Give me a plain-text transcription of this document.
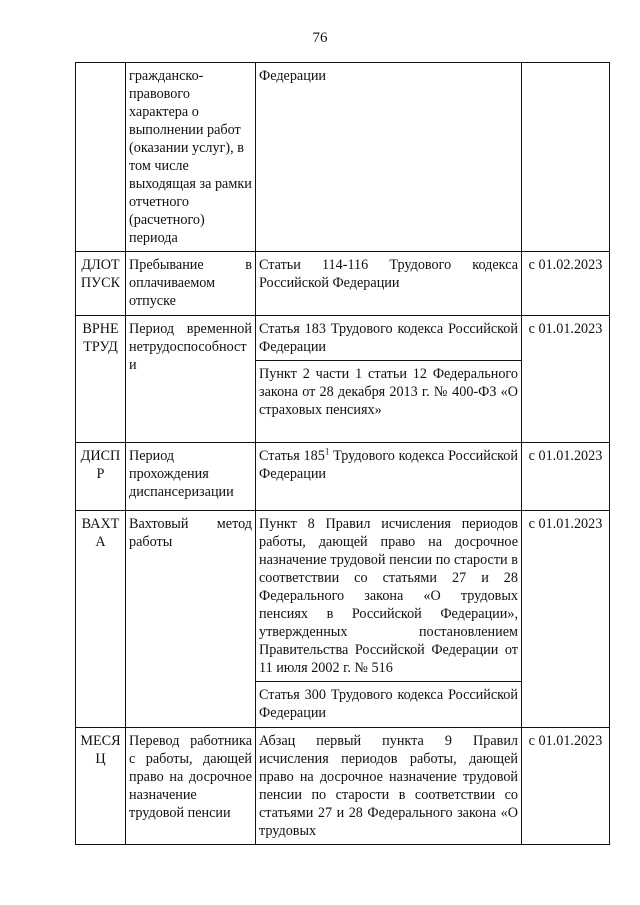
76
	гражданско-правового характера о выполнении работ (оказании услуг), в том числе выходящая за рамки отчетного (расчетного) периода	Федерации	
ДЛОТПУСК	Пребывание в оплачиваемом отпуске	Статьи 114-116 Трудового кодекса Российской Федерации	с 01.02.2023
ВРНЕТРУД	Период временной нетрудоспособности	Статья 183 Трудового кодекса Российской Федерации	с 01.01.2023
		Пункт 2 части 1 статьи 12 Федерального закона от 28 декабря 2013 г. № 400-ФЗ «О страховых пенсиях»	
ДИСПР	Период прохождения диспансеризации	Статья $185^1$ Трудового кодекса Российской Федерации	с 01.01.2023
ВАХТА	Вахтовый метод работы	Пункт 8 Правил исчисления периодов работы, дающей право на досрочное назначение трудовой пенсии по старости в соответствии со статьями 27 и 28 Федерального закона «О трудовых пенсиях в Российской Федерации», утвержденных постановлением Правительства Российской Федерации от 11 июля 2002 г. № 516	с 01.01.2023
		Статья 300 Трудового кодекса Российской Федерации	
МЕСЯЦ	Перевод работника с работы, дающей право на досрочное назначение трудовой пенсии	Абзац первый пункта 9 Правил исчисления периодов работы, дающей право на досрочное назначение трудовой пенсии по старости в соответствии со статьями 27 и 28 Федерального закона «О трудовых	с 01.01.2023
